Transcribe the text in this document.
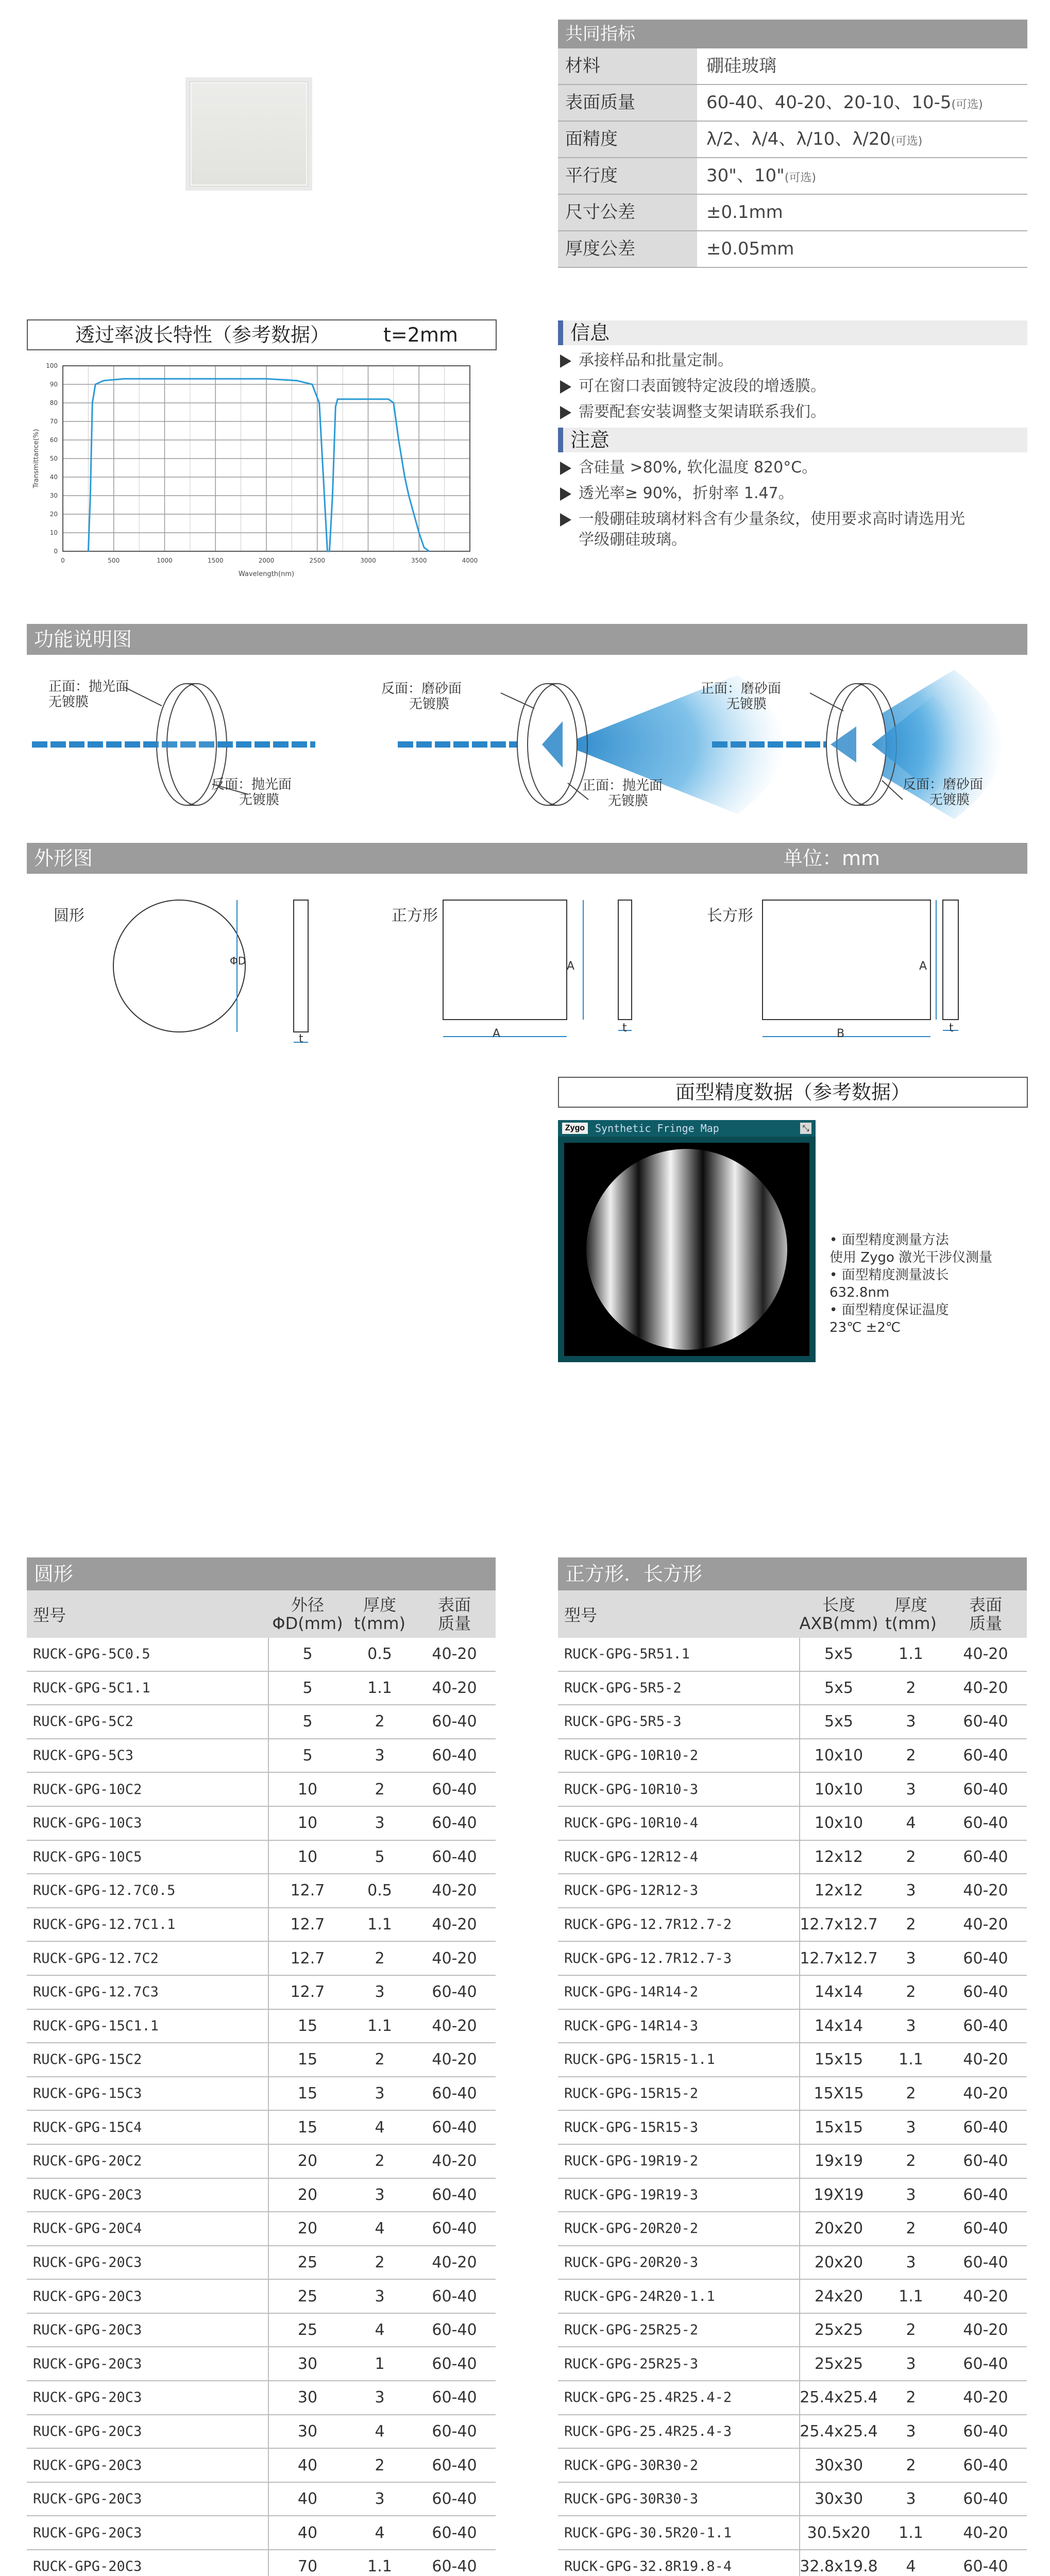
共同指标
材料	硼硅玻璃
表面质量	60-40、40-20、20-10、10-5(可选)
面精度	λ/2、λ/4、λ/10、λ/20(可选)
平行度	30"、10"(可选)
尺寸公差	±0.1mm
厚度公差	±0.05mm
透过率波长特性（参考数据）	t=2mm
0	500	1000	1500	2000	2500	3000	3500	4000
0
10
20
30
40
50
60
70
80
90
100
Wavelength(nm)
Transmittance(%)
信息
承接样品和批量定制。
可在窗口表面镀特定波段的增透膜。
需要配套安装调整支架请联系我们。
注意
含硅量 >80%, 软化温度 820°C。
透光率≥ 90%，折射率 1.47。
一般硼硅玻璃材料含有少量条纹，使用要求高时请选用光
学级硼硅玻璃。
功能说明图
正面：抛光面
无镀膜
反面：抛光面
无镀膜
反面：磨砂面
无镀膜
正面：抛光面
无镀膜
正面：磨砂面
无镀膜
反面：磨砂面
无镀膜
外形图	单位：mm
圆形	正方形	长方形
ΦD	A
A
A
B
t
t	t
面型精度数据（参考数据）
Zygo Synthetic Fringe Map	⤡
• 面型精度测量方法
使用 Zygo 激光干涉仪测量
• 面型精度测量波长
632.8nm
• 面型精度保证温度
23℃ ±2℃
圆形
型号
外径
ΦD(mm)
厚度
t(mm)
表面
质量
RUCK-GPG-5C0.5	5	0.5	40-20
RUCK-GPG-5C1.1	5	1.1	40-20
RUCK-GPG-5C2	5	2	60-40
RUCK-GPG-5C3	5	3	60-40
RUCK-GPG-10C2	10	2	60-40
RUCK-GPG-10C3	10	3	60-40
RUCK-GPG-10C5	10	5	60-40
RUCK-GPG-12.7C0.5	12.7	0.5	40-20
RUCK-GPG-12.7C1.1	12.7	1.1	40-20
RUCK-GPG-12.7C2	12.7	2	40-20
RUCK-GPG-12.7C3	12.7	3	60-40
RUCK-GPG-15C1.1	15	1.1	40-20
RUCK-GPG-15C2	15	2	40-20
RUCK-GPG-15C3	15	3	60-40
RUCK-GPG-15C4	15	4	60-40
RUCK-GPG-20C2	20	2	40-20
RUCK-GPG-20C3	20	3	60-40
RUCK-GPG-20C4	20	4	60-40
RUCK-GPG-20C3	25	2	40-20
RUCK-GPG-20C3	25	3	60-40
RUCK-GPG-20C3	25	4	60-40
RUCK-GPG-20C3	30	1	60-40
RUCK-GPG-20C3	30	3	60-40
RUCK-GPG-20C3	30	4	60-40
RUCK-GPG-20C3	40	2	60-40
RUCK-GPG-20C3	40	3	60-40
RUCK-GPG-20C3	40	4	60-40
RUCK-GPG-20C3	70	1.1	60-40
正方形．长方形
型号
长度
AXB(mm)
厚度
t(mm)
表面
质量
RUCK-GPG-5R51.1	5x5	1.1	40-20
RUCK-GPG-5R5-2	5x5	2	40-20
RUCK-GPG-5R5-3	5x5	3	60-40
RUCK-GPG-10R10-2	10x10	2	60-40
RUCK-GPG-10R10-3	10x10	3	60-40
RUCK-GPG-10R10-4	10x10	4	60-40
RUCK-GPG-12R12-4	12x12	2	60-40
RUCK-GPG-12R12-3	12x12	3	40-20
RUCK-GPG-12.7R12.7-2	12.7x12.7	2	40-20
RUCK-GPG-12.7R12.7-3	12.7x12.7	3	60-40
RUCK-GPG-14R14-2	14x14	2	60-40
RUCK-GPG-14R14-3	14x14	3	60-40
RUCK-GPG-15R15-1.1	15x15	1.1	40-20
RUCK-GPG-15R15-2	15X15	2	40-20
RUCK-GPG-15R15-3	15x15	3	60-40
RUCK-GPG-19R19-2	19x19	2	60-40
RUCK-GPG-19R19-3	19X19	3	60-40
RUCK-GPG-20R20-2	20x20	2	60-40
RUCK-GPG-20R20-3	20x20	3	60-40
RUCK-GPG-24R20-1.1	24x20	1.1	40-20
RUCK-GPG-25R25-2	25x25	2	40-20
RUCK-GPG-25R25-3	25x25	3	60-40
RUCK-GPG-25.4R25.4-2	25.4x25.4	2	40-20
RUCK-GPG-25.4R25.4-3	25.4x25.4	3	60-40
RUCK-GPG-30R30-2	30x30	2	60-40
RUCK-GPG-30R30-3	30x30	3	60-40
RUCK-GPG-30.5R20-1.1	30.5x20	1.1	40-20
RUCK-GPG-32.8R19.8-4	32.8x19.8	4	60-40
